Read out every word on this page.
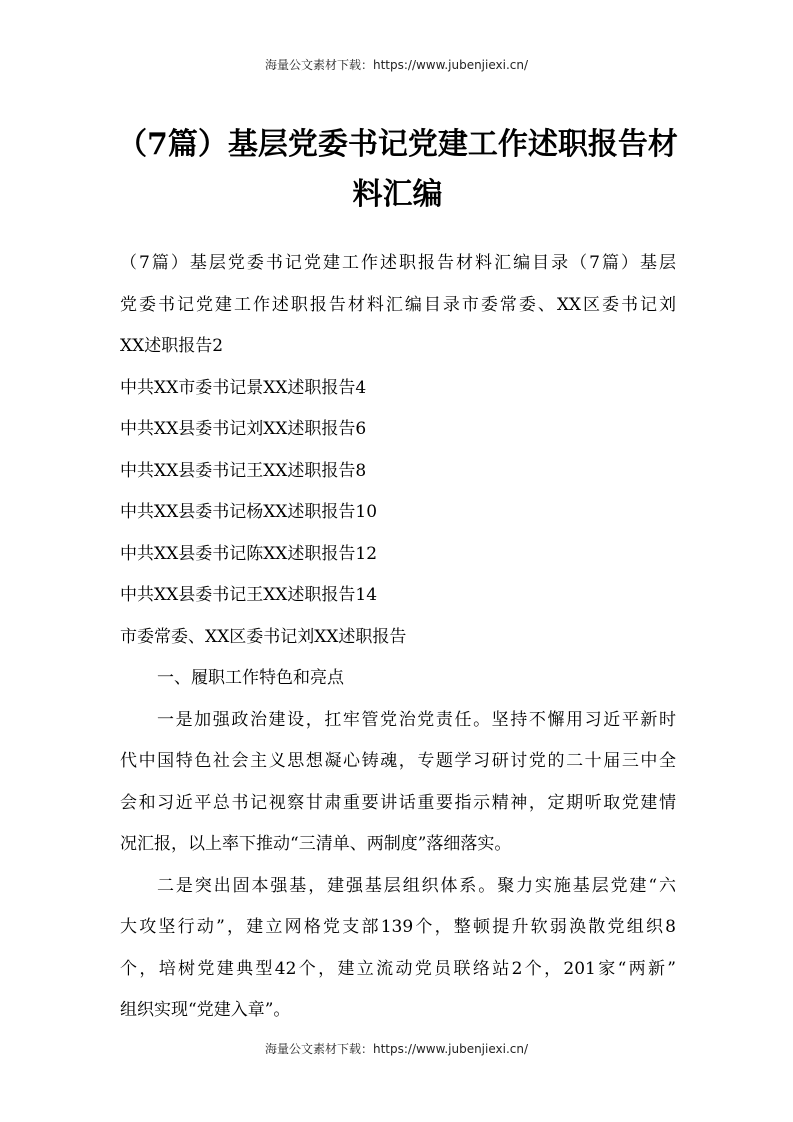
海量公文素材下载：https://www.jubenjiexi.cn/
（7篇）基层党委书记党建工作述职报告材
料汇编
（7篇）基层党委书记党建工作述职报告材料汇编目录（7篇）基层
党委书记党建工作述职报告材料汇编目录市委常委、XX区委书记刘
XX述职报告2
中共XX市委书记景XX述职报告4
中共XX县委书记刘XX述职报告6
中共XX县委书记王XX述职报告8
中共XX县委书记杨XX述职报告10
中共XX县委书记陈XX述职报告12
中共XX县委书记王XX述职报告14
市委常委、XX区委书记刘XX述职报告
一、履职工作特色和亮点
一是加强政治建设，扛牢管党治党责任。坚持不懈用习近平新时
代中国特色社会主义思想凝心铸魂，专题学习研讨党的二十届三中全
会和习近平总书记视察甘肃重要讲话重要指示精神，定期听取党建情
况汇报，以上率下推动“三清单、两制度”落细落实。
二是突出固本强基，建强基层组织体系。聚力实施基层党建“六
大攻坚行动”，建立网格党支部139个，整顿提升软弱涣散党组织8
个，培树党建典型42个，建立流动党员联络站2个，201家“两新”
组织实现“党建入章”。
海量公文素材下载：https://www.jubenjiexi.cn/
